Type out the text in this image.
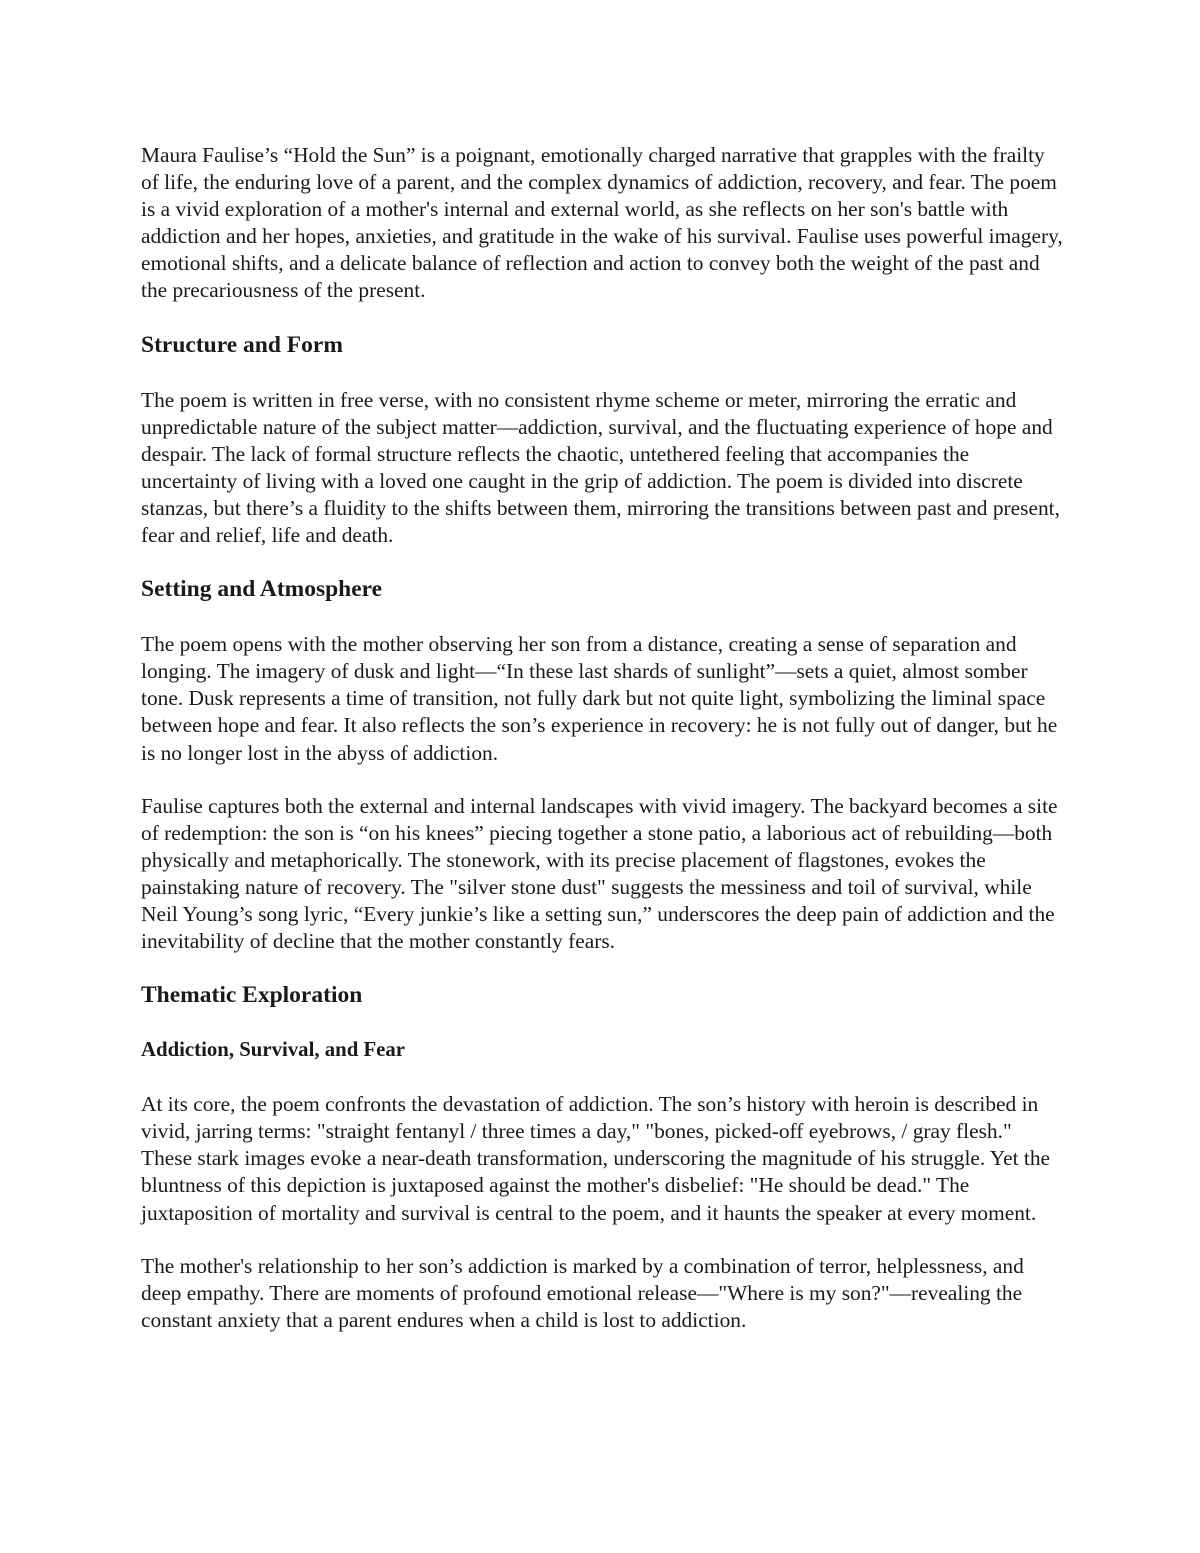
Maura Faulise’s “Hold the Sun” is a poignant, emotionally charged narrative that grapples with the frailty of life, the enduring love of a parent, and the complex dynamics of addiction, recovery, and fear. The poem is a vivid exploration of a mother's internal and external world, as she reflects on her son's battle with addiction and her hopes, anxieties, and gratitude in the wake of his survival. Faulise uses powerful imagery, emotional shifts, and a delicate balance of reflection and action to convey both the weight of the past and the precariousness of the present.

Structure and Form

The poem is written in free verse, with no consistent rhyme scheme or meter, mirroring the erratic and unpredictable nature of the subject matter—addiction, survival, and the fluctuating experience of hope and despair. The lack of formal structure reflects the chaotic, untethered feeling that accompanies the uncertainty of living with a loved one caught in the grip of addiction. The poem is divided into discrete stanzas, but there’s a fluidity to the shifts between them, mirroring the transitions between past and present, fear and relief, life and death.

Setting and Atmosphere

The poem opens with the mother observing her son from a distance, creating a sense of separation and longing. The imagery of dusk and light—“In these last shards of sunlight”—sets a quiet, almost somber tone. Dusk represents a time of transition, not fully dark but not quite light, symbolizing the liminal space between hope and fear. It also reflects the son’s experience in recovery: he is not fully out of danger, but he is no longer lost in the abyss of addiction.

Faulise captures both the external and internal landscapes with vivid imagery. The backyard becomes a site of redemption: the son is “on his knees” piecing together a stone patio, a laborious act of rebuilding—both physically and metaphorically. The stonework, with its precise placement of flagstones, evokes the painstaking nature of recovery. The "silver stone dust" suggests the messiness and toil of survival, while Neil Young’s song lyric, “Every junkie’s like a setting sun,” underscores the deep pain of addiction and the inevitability of decline that the mother constantly fears.

Thematic Exploration
Addiction, Survival, and Fear

At its core, the poem confronts the devastation of addiction. The son’s history with heroin is described in vivid, jarring terms: "straight fentanyl / three times a day," "bones, picked-off eyebrows, / gray flesh." These stark images evoke a near-death transformation, underscoring the magnitude of his struggle. Yet the bluntness of this depiction is juxtaposed against the mother's disbelief: "He should be dead." The juxtaposition of mortality and survival is central to the poem, and it haunts the speaker at every moment.

The mother's relationship to her son’s addiction is marked by a combination of terror, helplessness, and deep empathy. There are moments of profound emotional release—"Where is my son?"—revealing the constant anxiety that a parent endures when a child is lost to addiction.
